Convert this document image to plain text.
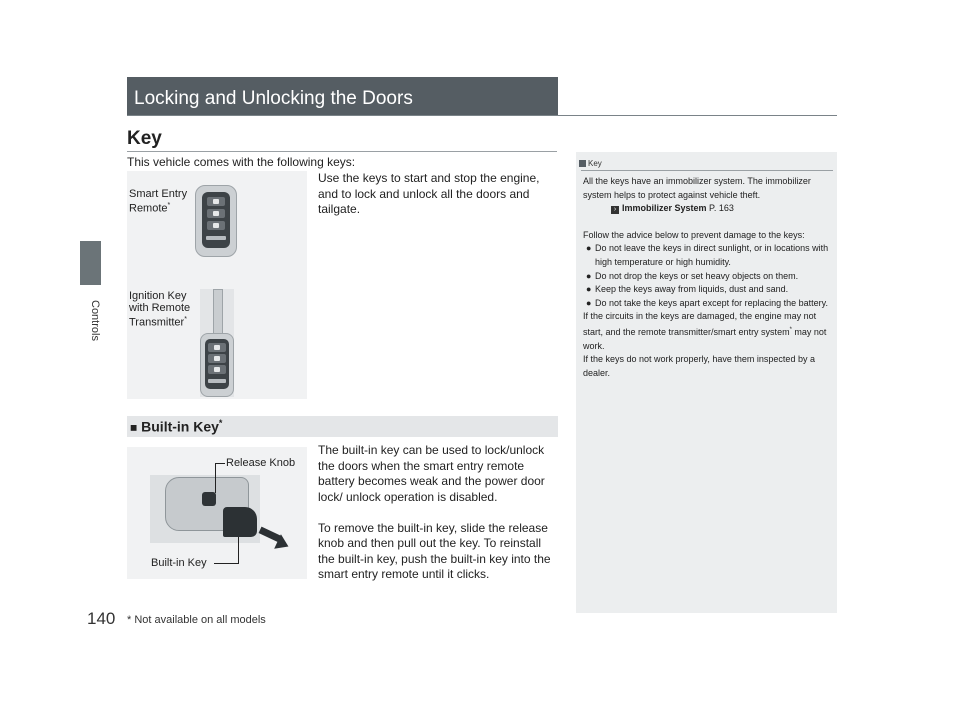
Controls
140 * Not available on all models
Locking and Unlocking the Doors
Key
This vehicle comes with the following keys:
Smart Entry
Remote*
Ignition Key
with Remote
Transmitter*
Use the keys to start and stop the engine, and to lock and unlock all the doors and tailgate.
■ Built-in Key*
Release Knob
Built-in Key

The built-in key can be used to lock/unlock the doors when the smart entry remote battery becomes weak and the power door lock/ unlock operation is disabled.

To remove the built-in key, slide the release knob and then pull out the key. To reinstall the built-in key, push the built-in key into the smart entry remote until it clicks.

Key

All the keys have an immobilizer system. The immobilizer system helps to protect against vehicle theft.

› Immobilizer System P. 163

Follow the advice below to prevent damage to the keys:

● Do not leave the keys in direct sunlight, or in locations with high temperature or high humidity.
● Do not drop the keys or set heavy objects on them.
● Keep the keys away from liquids, dust and sand.
● Do not take the keys apart except for replacing the battery.

If the circuits in the keys are damaged, the engine may not start, and the remote transmitter/smart entry system* may not work.

If the keys do not work properly, have them inspected by a dealer.
